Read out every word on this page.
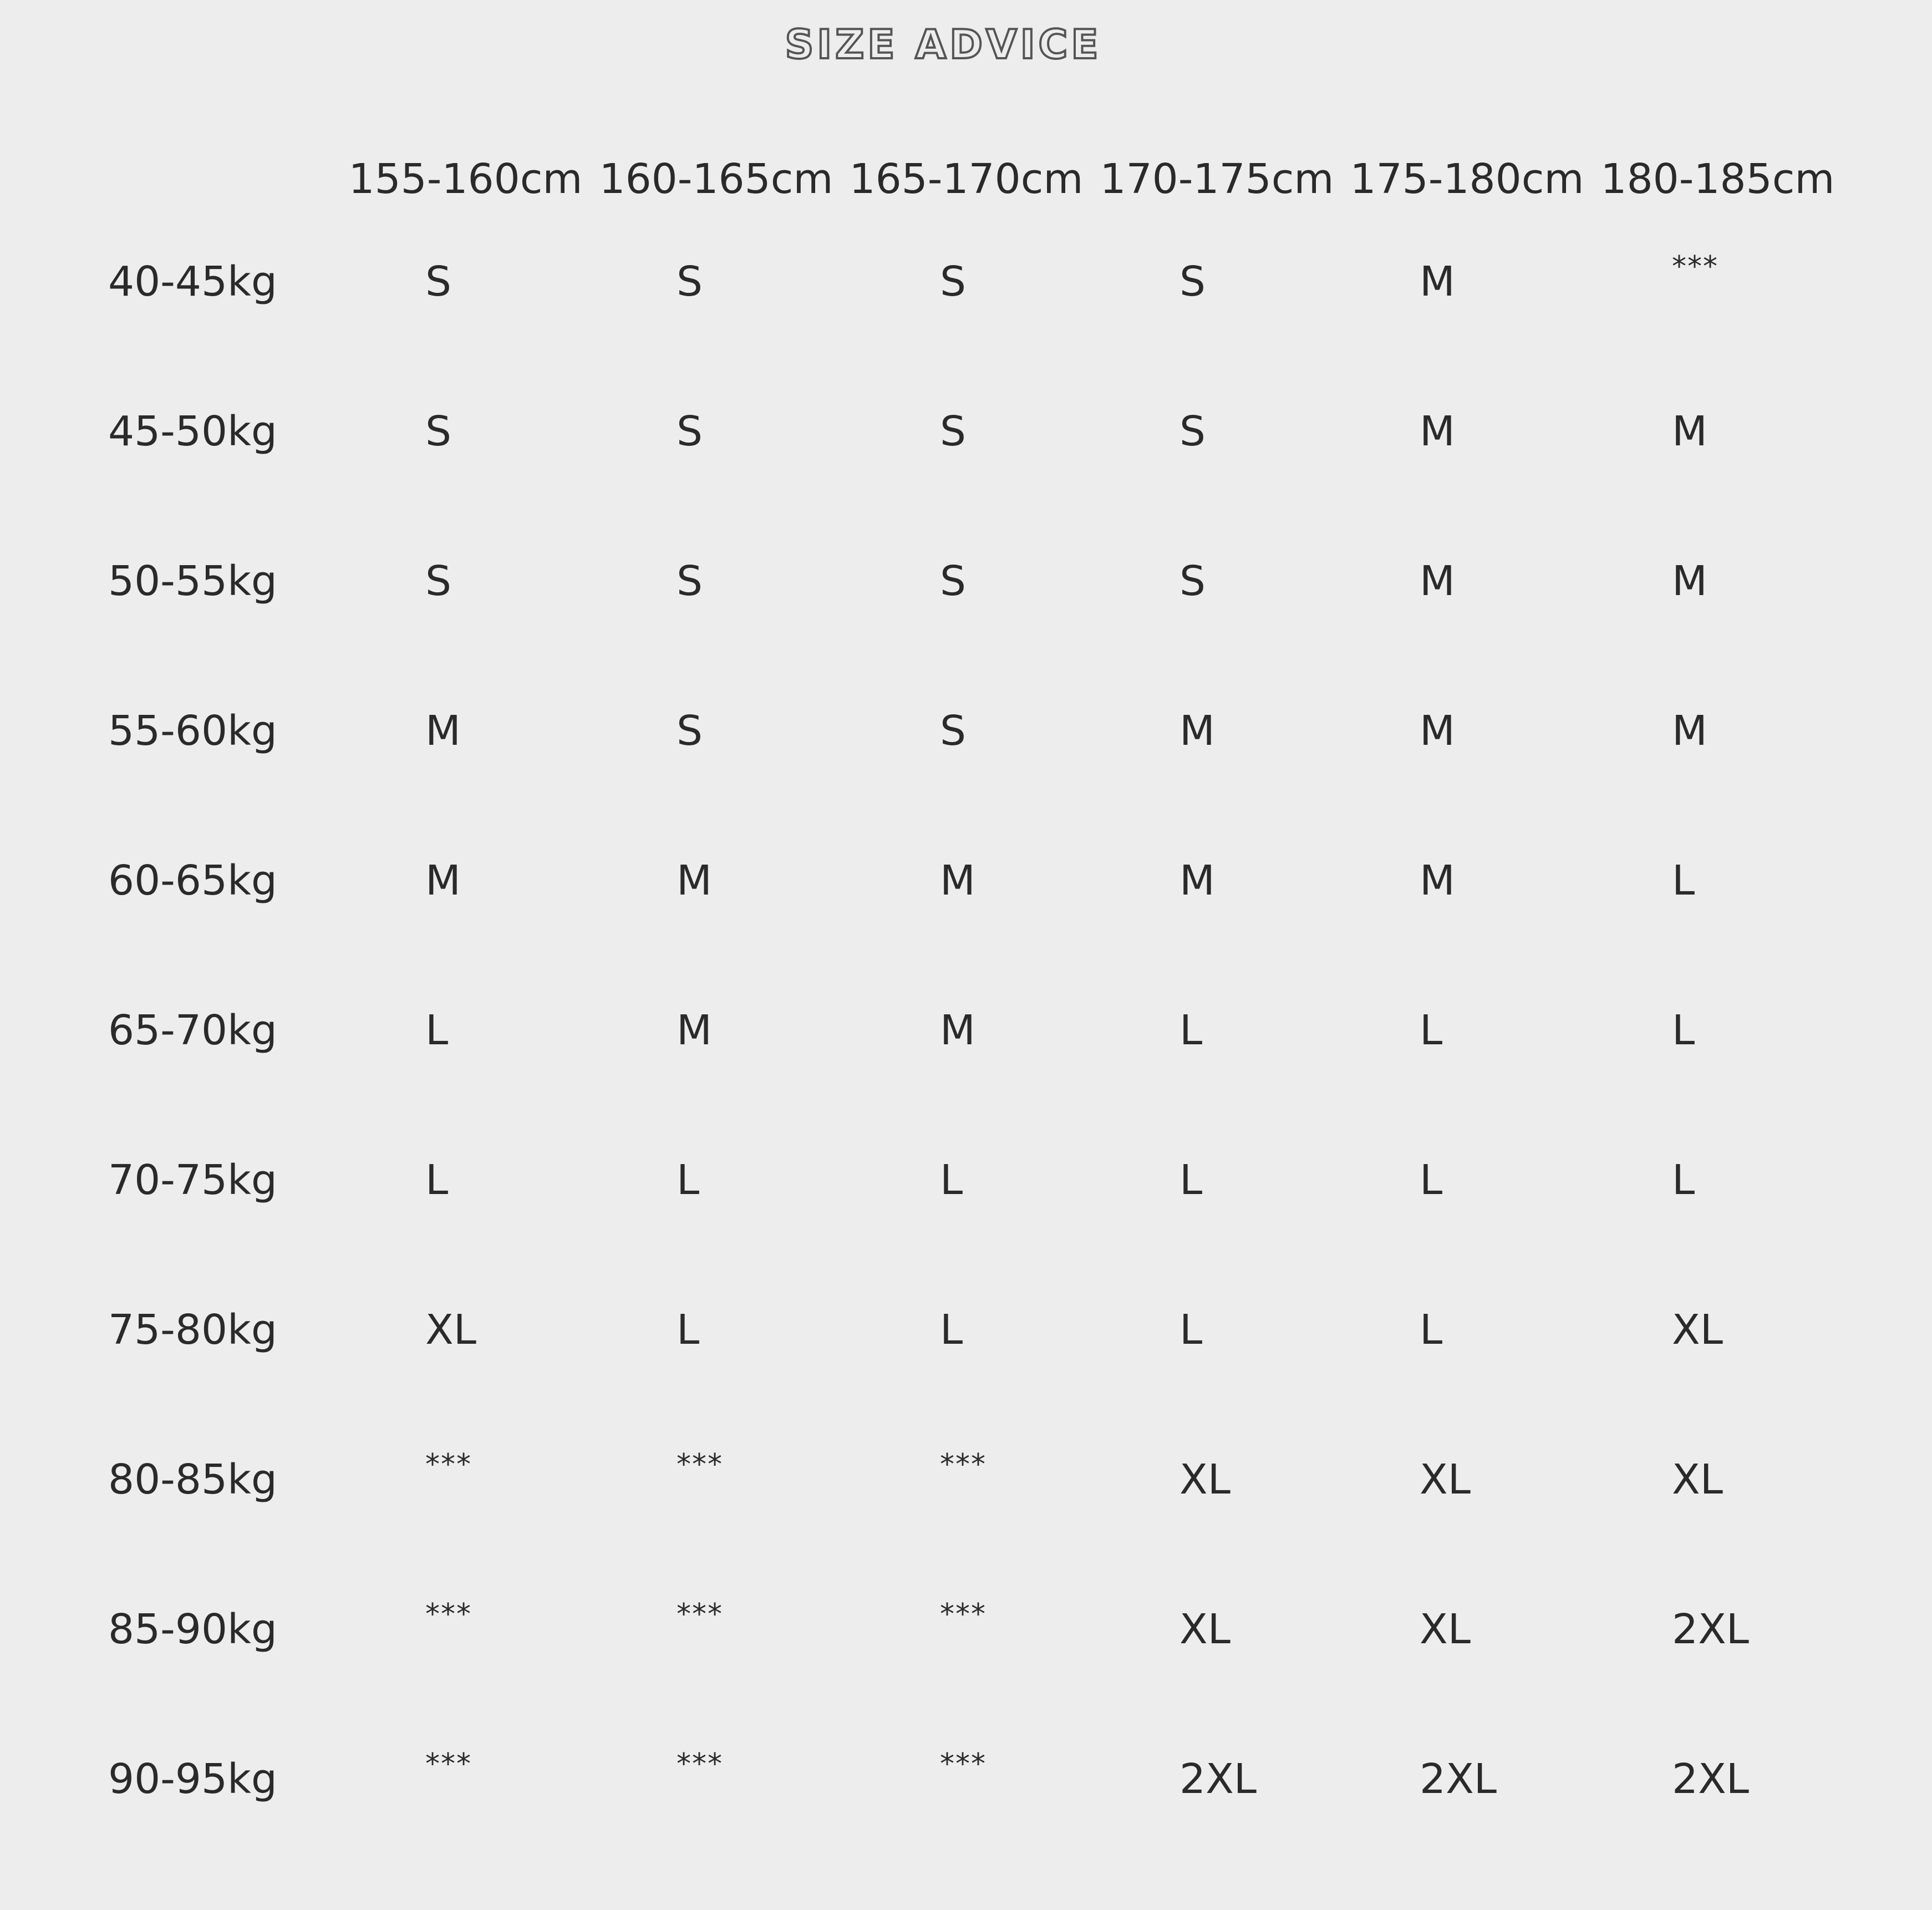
SIZE ADVICE
155-160cm 160-165cm 165-170cm 170-175cm 175-180cm 180-185cm
40-45kg	S	S	S	S	M	***
45-50kg	S	S	S	S	M	M
50-55kg	S	S	S	S	M	M
55-60kg	M	S	S	M	M	M
60-65kg	M	M	M	M	M	L
65-70kg	L	M	M	L	L	L
70-75kg	L	L	L	L	L	L
75-80kg	XL	L	L	L	L	XL
80-85kg	***	***	***	XL	XL	XL
85-90kg	***	***	***	XL	XL	2XL
90-95kg	***	***	***	2XL	2XL	2XL
